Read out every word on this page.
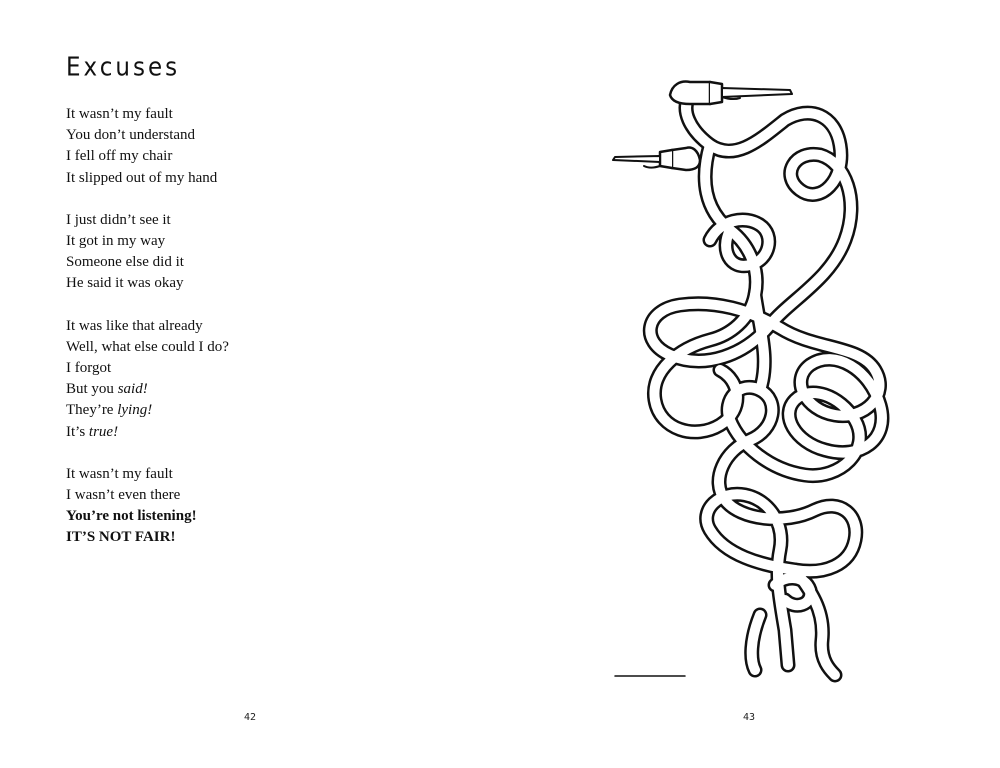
Excuses
It wasn’t my fault
You don’t understand
I fell off my chair
It slipped out of my hand
I just didn’t see it
It got in my way
Someone else did it
He said it was okay
It was like that already
Well, what else could I do?
I forgot
But you said!
They’re lying!
It’s true!
It wasn’t my fault
I wasn’t even there
You’re not listening!
IT’S NOT FAIR!
42	43
